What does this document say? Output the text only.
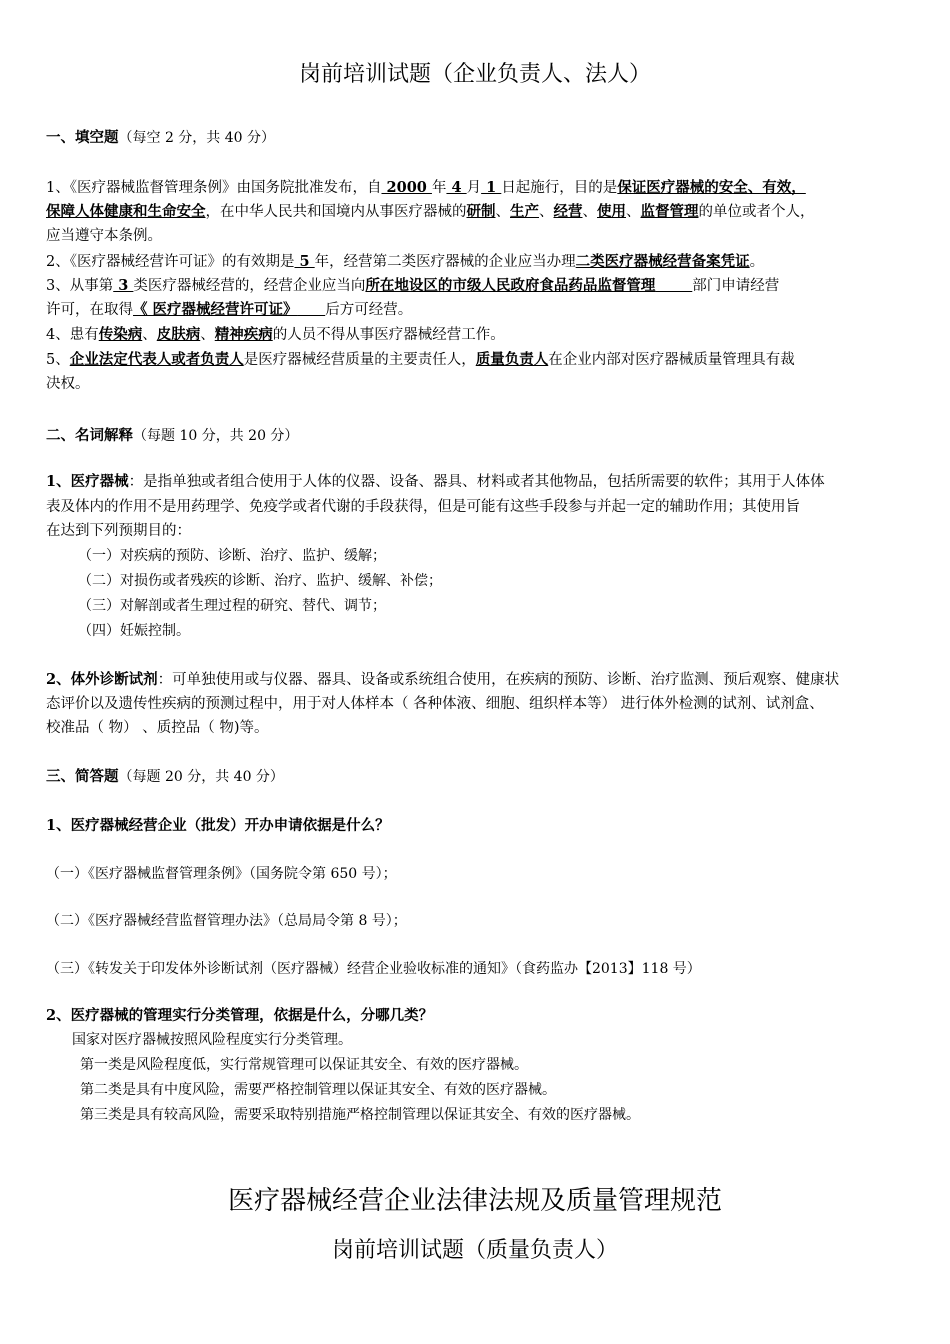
岗前培训试题（企业负责人、法人）
一、填空题（每空 2 分，共 40 分）
1、《医疗器械监督管理条例》由国务院批准发布，自 2000 年 4 月 1 日起施行，目的是保证医疗器械的安全、有效，
保障人体健康和生命安全，在中华人民共和国境内从事医疗器械的研制、生产、经营、使用、监督管理的单位或者个人，
应当遵守本条例。
2、《医疗器械经营许可证》的有效期是 5 年，经营第二类医疗器械的企业应当办理二类医疗器械经营备案凭证。
3、从事第 3 类医疗器械经营的，经营企业应当向所在地设区的市级人民政府食品药品监督管理	部门申请经营
许可，在取得《 医疗器械经营许可证》 后方可经营。
4、患有传染病、皮肤病、精神疾病的人员不得从事医疗器械经营工作。
5、企业法定代表人或者负责人是医疗器械经营质量的主要责任人，质量负责人在企业内部对医疗器械质量管理具有裁
决权。
二、名词解释（每题 10 分，共 20 分）
1、医疗器械：是指单独或者组合使用于人体的仪器、设备、器具、材料或者其他物品，包括所需要的软件；其用于人体体
表及体内的作用不是用药理学、免疫学或者代谢的手段获得，但是可能有这些手段参与并起一定的辅助作用；其使用旨
在达到下列预期目的：
（一）对疾病的预防、诊断、治疗、监护、缓解；
（二）对损伤或者残疾的诊断、治疗、监护、缓解、补偿；
（三）对解剖或者生理过程的研究、替代、调节；
（四）妊娠控制。
2、体外诊断试剂：可单独使用或与仪器、器具、设备或系统组合使用，在疾病的预防、诊断、治疗监测、预后观察、健康状
态评价以及遗传性疾病的预测过程中，用于对人体样本（ 各种体液、细胞、组织样本等） 进行体外检测的试剂、试剂盒、
校准品（ 物） 、质控品（ 物)等。
三、简答题（每题 20 分，共 40 分）
1、医疗器械经营企业（批发）开办申请依据是什么？
（一）《医疗器械监督管理条例》（国务院令第 650 号）；
（二）《医疗器械经营监督管理办法》（总局局令第 8 号）；
（三）《转发关于印发体外诊断试剂（医疗器械）经营企业验收标准的通知》（食药监办【2013】118 号）
2、医疗器械的管理实行分类管理，依据是什么，分哪几类？
国家对医疗器械按照风险程度实行分类管理。
第一类是风险程度低，实行常规管理可以保证其安全、有效的医疗器械。
第二类是具有中度风险，需要严格控制管理以保证其安全、有效的医疗器械。
第三类是具有较高风险，需要采取特别措施严格控制管理以保证其安全、有效的医疗器械。
医疗器械经营企业法律法规及质量管理规范
岗前培训试题（质量负责人）
